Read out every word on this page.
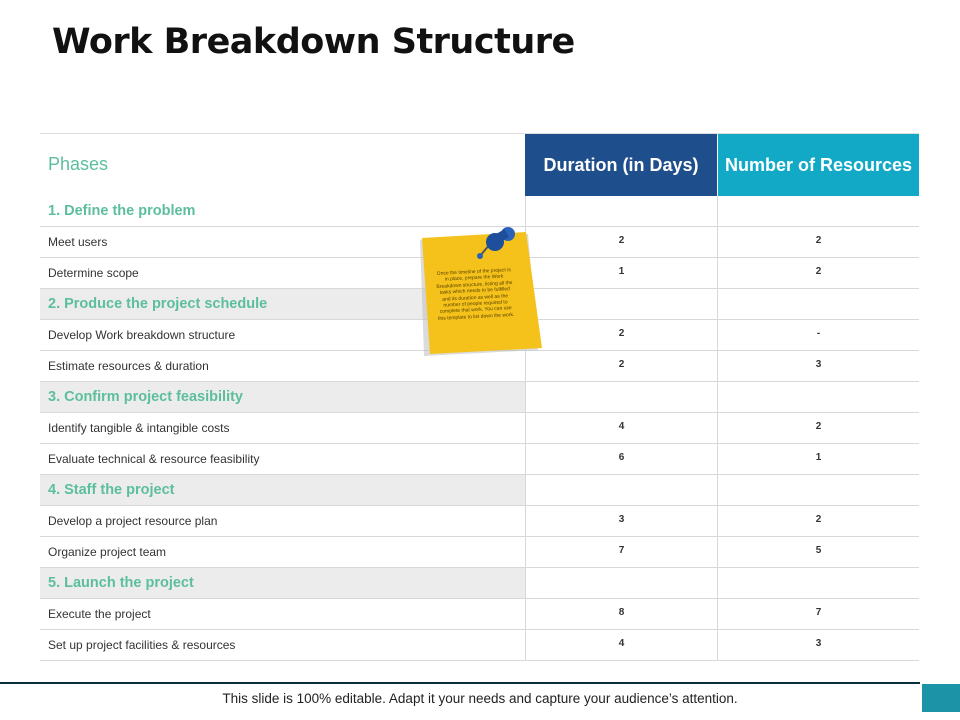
Work Breakdown Structure
Phases	Duration (in Days)	Number of Resources
1. Define the problem
Meet users	2	2
Determine scope	1	2
2. Produce the project schedule
Develop Work breakdown structure	2	-
Estimate resources & duration	2	3
3. Confirm project feasibility
Identify tangible & intangible costs	4	2
Evaluate technical & resource feasibility	6	1
4. Staff the project
Develop a project resource plan	3	2
Organize project team	7	5
5. Launch the project
Execute the project	8	7
Set up project facilities & resources	4	3
Once the timeline of the project is in place, prepare the Work Breakdown structure, listing all the tasks which needs to be fulfilled and its duration as well as the number of people required to complete that work. You can use this template to list down the work.
This slide is 100% editable. Adapt it your needs and capture your audience’s attention.
